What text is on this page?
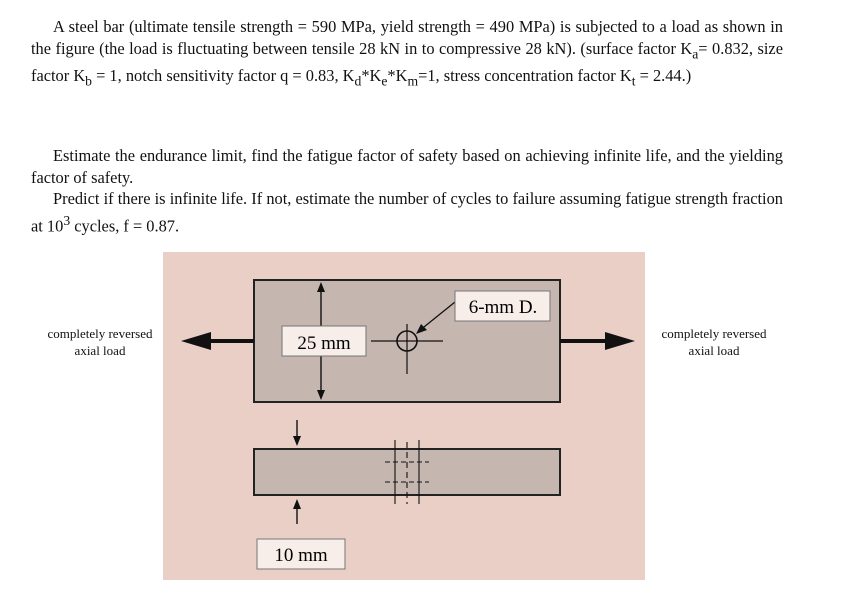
A steel bar (ultimate tensile strength = 590 MPa, yield strength = 490 MPa) is subjected to a load as shown in the figure (the load is fluctuating between tensile 28 kN in to compressive 28 kN). (surface factor $K_a= 0.832$, size factor $K_b = 1$, notch sensitivity factor q = 0.83, $K_d*K_e*K_m=1$, stress concentration factor $K_t = 2.44$.)

Estimate the endurance limit, find the fatigue factor of safety based on achieving infinite life, and the yielding factor of safety.

Predict if there is infinite life. If not, estimate the number of cycles to failure assuming fatigue strength fraction at $10^3$ cycles, f = 0.87.

completely reversed
axial load
completely reversed
axial load
25 mm
6-mm D.
10 mm
